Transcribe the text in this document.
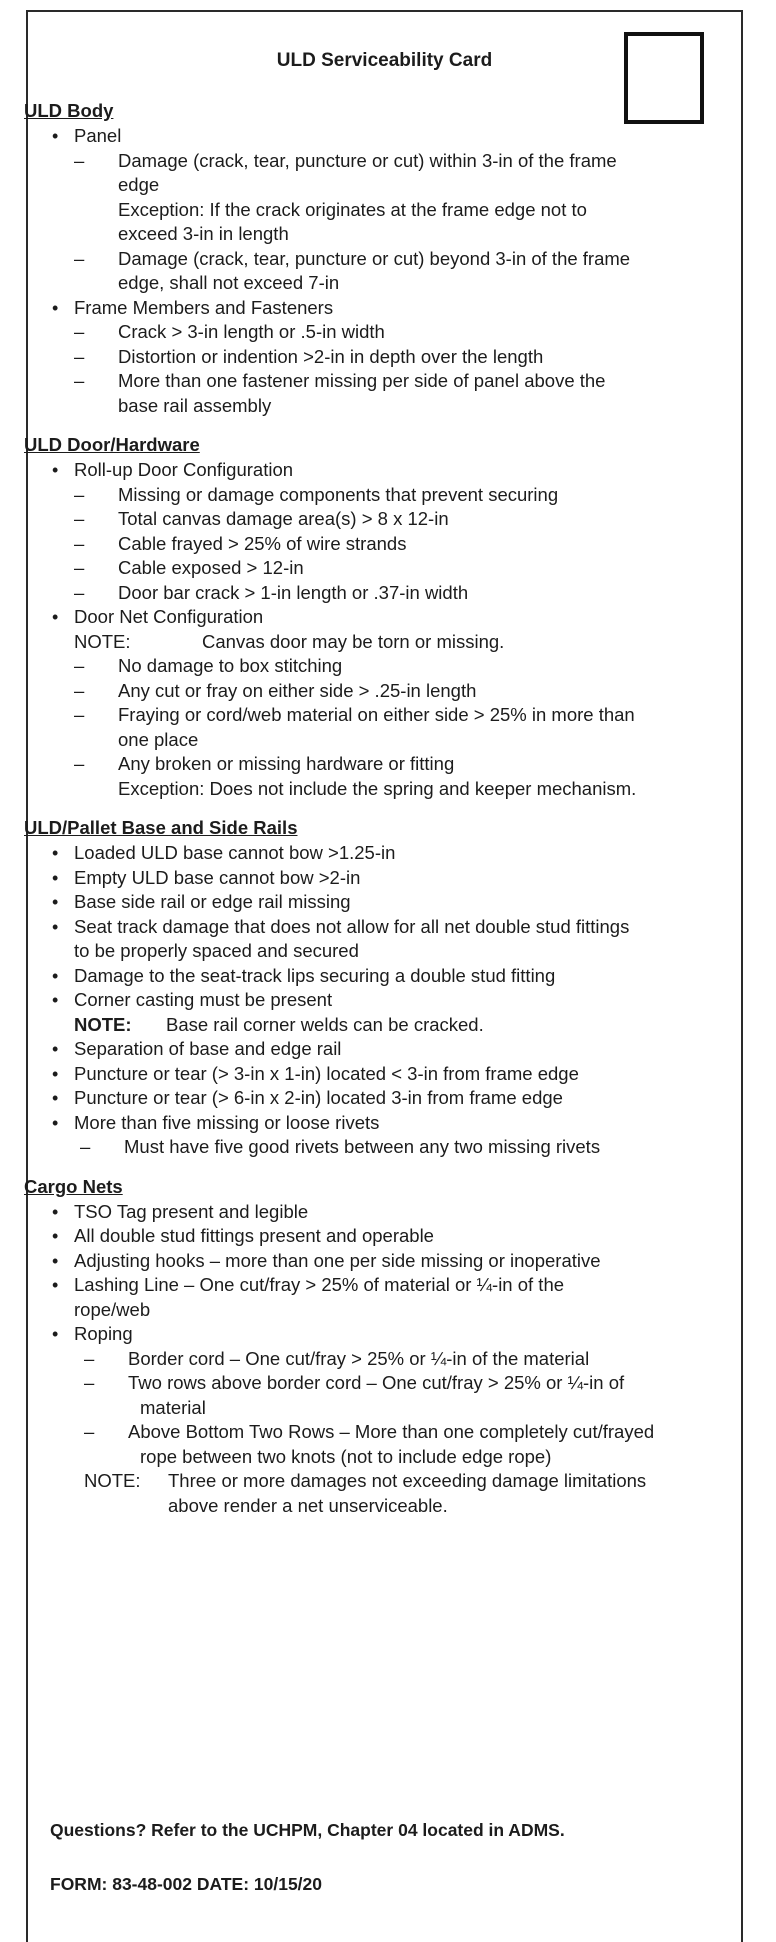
ULD Serviceability Card
ULD Body
• Panel
– Damage (crack, tear, puncture or cut) within 3-in of the frame
edge
Exception: If the crack originates at the frame edge not to
exceed 3-in in length
– Damage (crack, tear, puncture or cut) beyond 3-in of the frame
edge, shall not exceed 7-in
• Frame Members and Fasteners
– Crack > 3-in length or .5-in width
– Distortion or indention >2-in in depth over the length
– More than one fastener missing per side of panel above the
base rail assembly
ULD Door/Hardware
• Roll-up Door Configuration
– Missing or damage components that prevent securing
– Total canvas damage area(s) > 8 x 12-in
– Cable frayed > 25% of wire strands
– Cable exposed > 12-in
– Door bar crack > 1-in length or .37-in width
• Door Net Configuration
NOTE:	Canvas door may be torn or missing.
– No damage to box stitching
– Any cut or fray on either side > .25-in length
– Fraying or cord/web material on either side > 25% in more than
one place
– Any broken or missing hardware or fitting
Exception: Does not include the spring and keeper mechanism.
ULD/Pallet Base and Side Rails
• Loaded ULD base cannot bow >1.25-in
• Empty ULD base cannot bow >2-in
• Base side rail or edge rail missing
• Seat track damage that does not allow for all net double stud fittings
to be properly spaced and secured
• Damage to the seat-track lips securing a double stud fitting
• Corner casting must be present
NOTE: Base rail corner welds can be cracked.
• Separation of base and edge rail
• Puncture or tear (> 3-in x 1-in) located < 3-in from frame edge
• Puncture or tear (> 6-in x 2-in) located 3-in from frame edge
• More than five missing or loose rivets
– Must have five good rivets between any two missing rivets
Cargo Nets
• TSO Tag present and legible
• All double stud fittings present and operable
• Adjusting hooks – more than one per side missing or inoperative
• Lashing Line – One cut/fray > 25% of material or ¼-in of the
rope/web
• Roping
– Border cord – One cut/fray > 25% or ¼-in of the material
– Two rows above border cord – One cut/fray > 25% or ¼-in of
material
– Above Bottom Two Rows – More than one completely cut/frayed
rope between two knots (not to include edge rope)
NOTE: Three or more damages not exceeding damage limitations
above render a net unserviceable.
Questions? Refer to the UCHPM, Chapter 04 located in ADMS.
FORM: 83-48-002 DATE: 10/15/20
